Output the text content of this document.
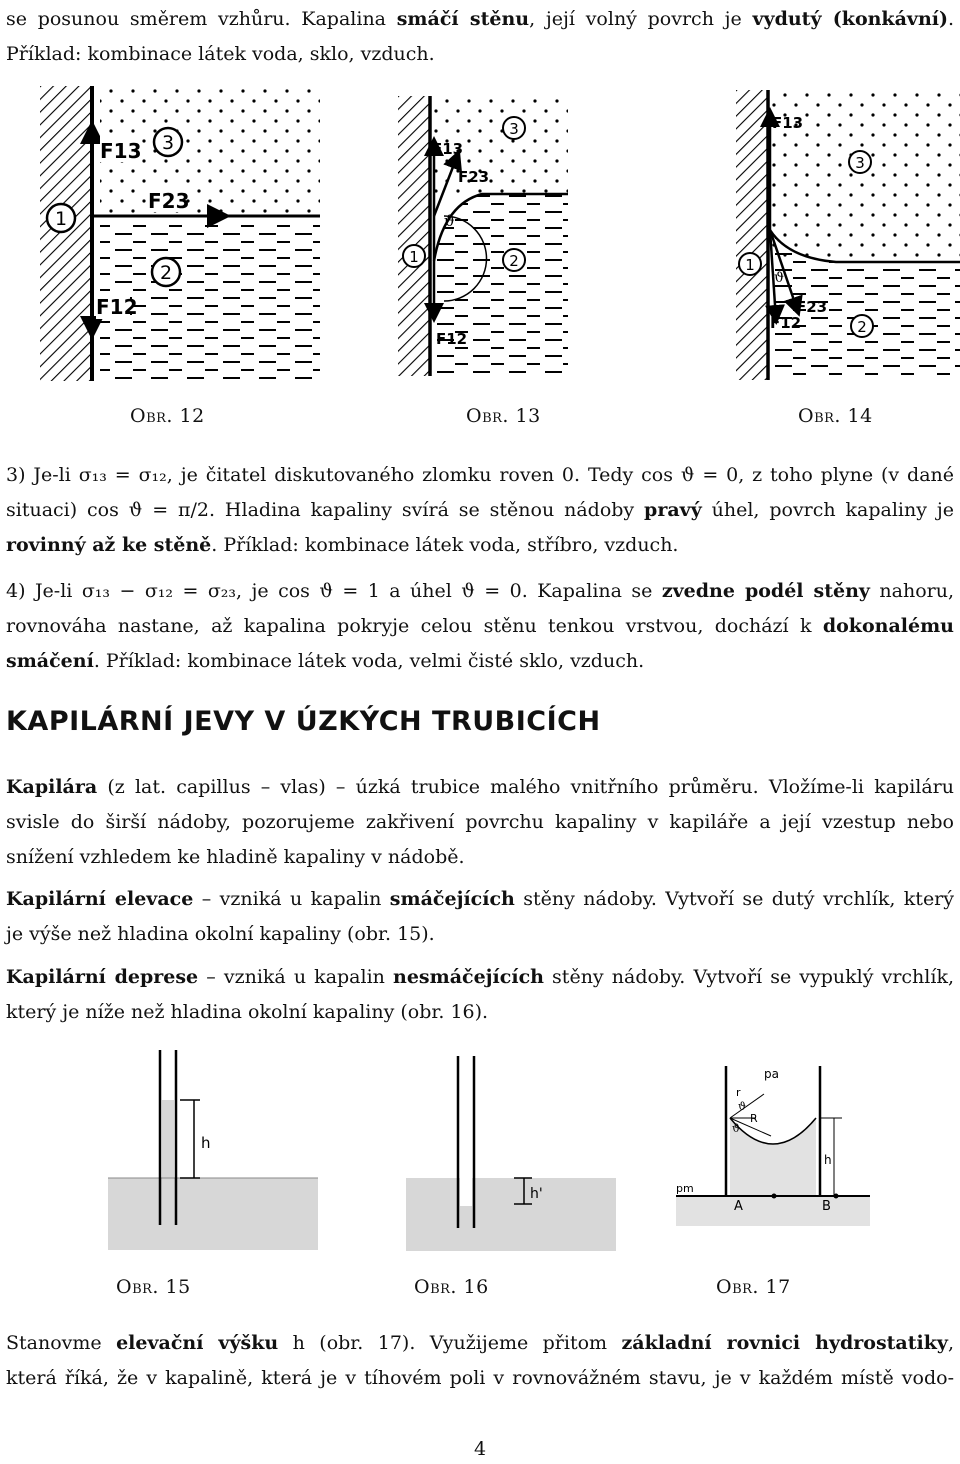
se posunou směrem vzhůru. Kapalina smáčí stěnu, její volný povrch je vydutý (konkávní).
Příklad: kombinace látek voda, sklo, vzduch.
1
3
2
F13
F23
F12
F13
F23
F12
ϑ
3
1	2
F13
F23
F12
ϑ
3
1
2
Obr. 12	Obr. 13	Obr. 14
3) Je-li σ₁₃ = σ₁₂, je čitatel diskutovaného zlomku roven 0. Tedy cos ϑ = 0, z toho plyne (v dané
situaci) cos ϑ = π/2. Hladina kapaliny svírá se stěnou nádoby pravý úhel, povrch kapaliny je
rovinný až ke stěně. Příklad: kombinace látek voda, stříbro, vzduch.
4) Je-li σ₁₃ − σ₁₂ = σ₂₃, je cos ϑ = 1 a úhel ϑ = 0. Kapalina se zvedne podél stěny nahoru,
rovnováha nastane, až kapalina pokryje celou stěnu tenkou vrstvou, dochází k dokonalému
smáčení. Příklad: kombinace látek voda, velmi čisté sklo, vzduch.
KAPILÁRNÍ JEVY V ÚZKÝCH TRUBICÍCH
Kapilára (z lat. capillus – vlas) – úzká trubice malého vnitřního průměru. Vložíme-li kapiláru
svisle do širší nádoby, pozorujeme zakřivení povrchu kapaliny v kapiláře a její vzestup nebo
snížení vzhledem ke hladině kapaliny v nádobě.
Kapilární elevace – vzniká u kapalin smáčejících stěny nádoby. Vytvoří se dutý vrchlík, který
je výše než hladina okolní kapaliny (obr. 15).
Kapilární deprese – vzniká u kapalin nesmáčejících stěny nádoby. Vytvoří se vypuklý vrchlík,
který je níže než hladina okolní kapaliny (obr. 16).
h
h'
pa
r
ϑ
R
ϑ
h
pm
A	B
Obr. 15	Obr. 16	Obr. 17
Stanovme elevační výšku h (obr. 17). Využijeme přitom základní rovnici hydrostatiky,
která říká, že v kapalině, která je v tíhovém poli v rovnovážném stavu, je v každém místě vodo-
4
